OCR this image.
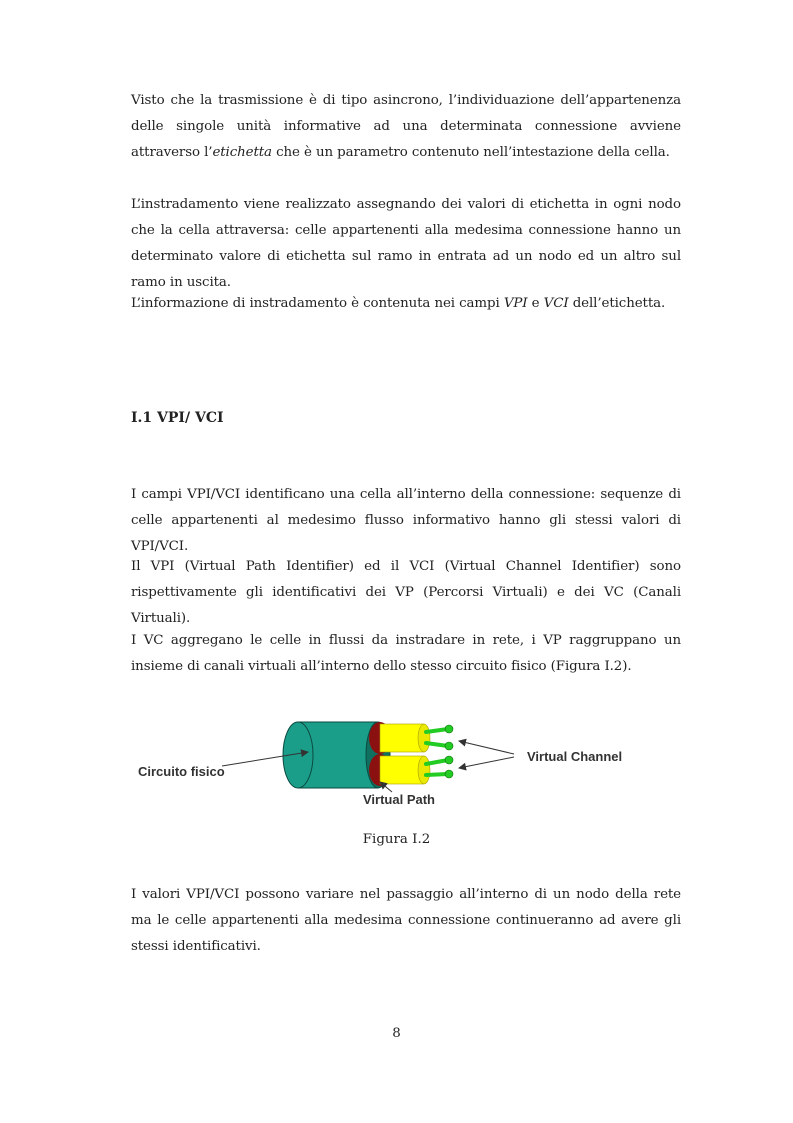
Visto che la trasmissione è di tipo asincrono, l’individuazione dell’appartenenza delle singole unità informative ad una determinata connessione avviene attraverso l’etichetta che è un parametro contenuto nell’intestazione della cella.

L’instradamento viene realizzato assegnando dei valori di etichetta in ogni nodo che la cella attraversa: celle appartenenti alla medesima connessione hanno un determinato valore di etichetta sul ramo in entrata ad un nodo ed un altro sul ramo in uscita.

L’informazione di instradamento è contenuta nei campi VPI e VCI dell’etichetta.

I.1 VPI/ VCI

I campi VPI/VCI identificano una cella all’interno della connessione: sequenze di celle appartenenti al medesimo flusso informativo hanno gli stessi valori di VPI/VCI.

Il VPI (Virtual Path Identifier) ed il VCI (Virtual Channel Identifier) sono rispettivamente gli identificativi dei VP (Percorsi Virtuali) e dei VC (Canali Virtuali).

I VC aggregano le celle in flussi da instradare in rete, i VP raggruppano un insieme di canali virtuali all’interno dello stesso circuito fisico (Figura I.2).

Circuito fisico
Virtual Channel
Virtual Path

Figura I.2

I valori VPI/VCI possono variare nel passaggio all’interno di un nodo della rete ma le celle appartenenti alla medesima connessione continueranno ad avere gli stessi identificativi.

8
